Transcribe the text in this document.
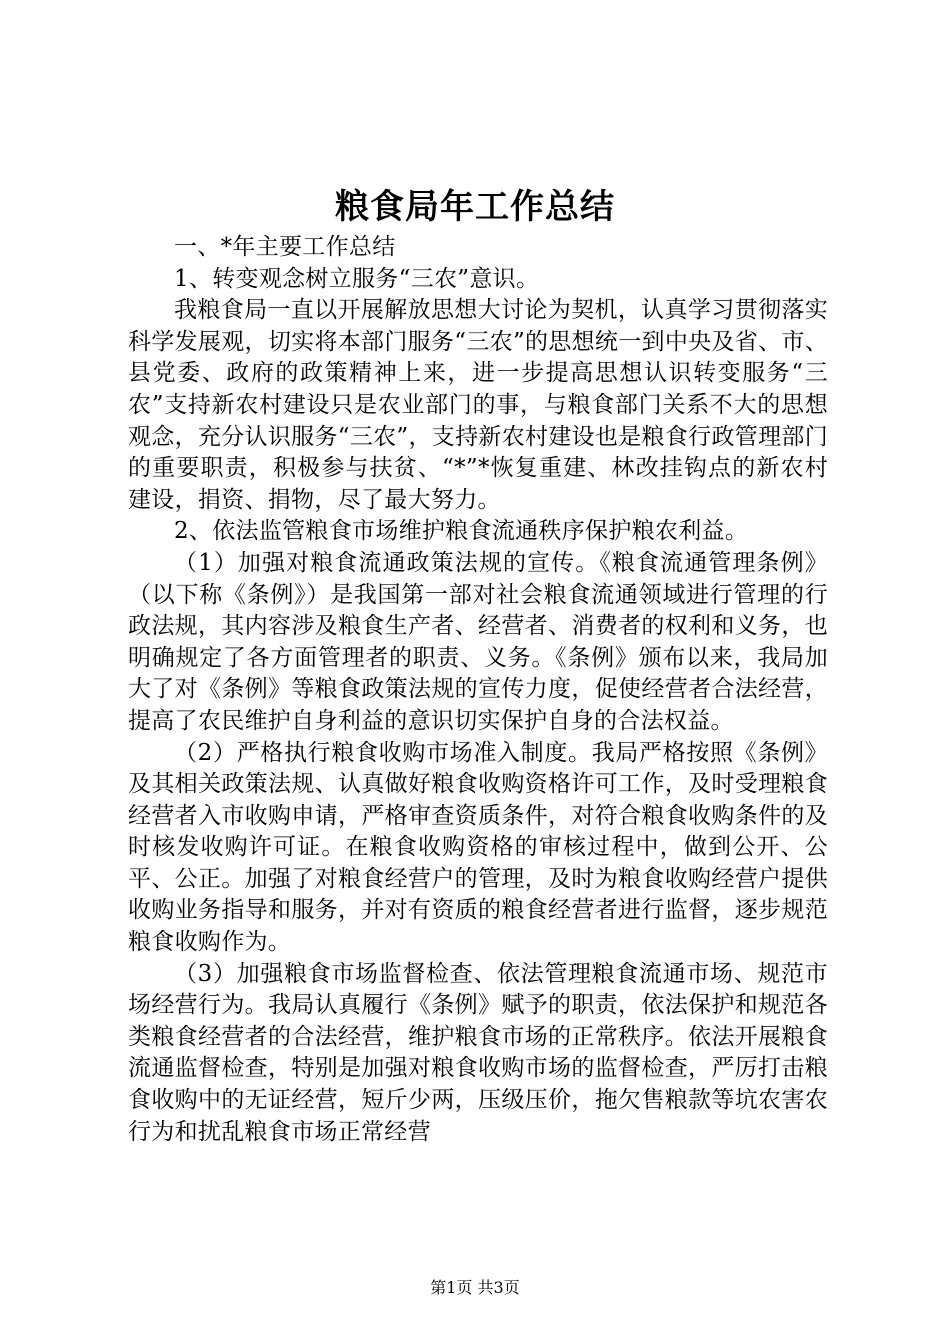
粮食局年工作总结

一、*年主要工作总结

1、转变观念树立服务“三农”意识。

我粮食局一直以开展解放思想大讨论为契机，认真学习贯彻落实科学发展观，切实将本部门服务“三农”的思想统一到中央及省、市、县党委、政府的政策精神上来，进一步提高思想认识转变服务“三农”支持新农村建设只是农业部门的事，与粮食部门关系不大的思想观念，充分认识服务“三农”，支持新农村建设也是粮食行政管理部门的重要职责，积极参与扶贫、“*”*恢复重建、林改挂钩点的新农村建设，捐资、捐物，尽了最大努力。

2、依法监管粮食市场维护粮食流通秩序保护粮农利益。

（1）加强对粮食流通政策法规的宣传。《粮食流通管理条例》（以下称《条例》）是我国第一部对社会粮食流通领域进行管理的行政法规，其内容涉及粮食生产者、经营者、消费者的权利和义务，也明确规定了各方面管理者的职责、义务。《条例》颁布以来，我局加大了对《条例》等粮食政策法规的宣传力度，促使经营者合法经营，提高了农民维护自身利益的意识切实保护自身的合法权益。

（2）严格执行粮食收购市场准入制度。我局严格按照《条例》及其相关政策法规、认真做好粮食收购资格许可工作，及时受理粮食经营者入市收购申请，严格审查资质条件，对符合粮食收购条件的及时核发收购许可证。在粮食收购资格的审核过程中，做到公开、公平、公正。加强了对粮食经营户的管理，及时为粮食收购经营户提供收购业务指导和服务，并对有资质的粮食经营者进行监督，逐步规范粮食收购作为。

（3）加强粮食市场监督检查、依法管理粮食流通市场、规范市场经营行为。我局认真履行《条例》赋予的职责，依法保护和规范各类粮食经营者的合法经营，维护粮食市场的正常秩序。依法开展粮食流通监督检查，特别是加强对粮食收购市场的监督检查，严厉打击粮食收购中的无证经营，短斤少两，压级压价，拖欠售粮款等坑农害农行为和扰乱粮食市场正常经营

第1页 共3页
